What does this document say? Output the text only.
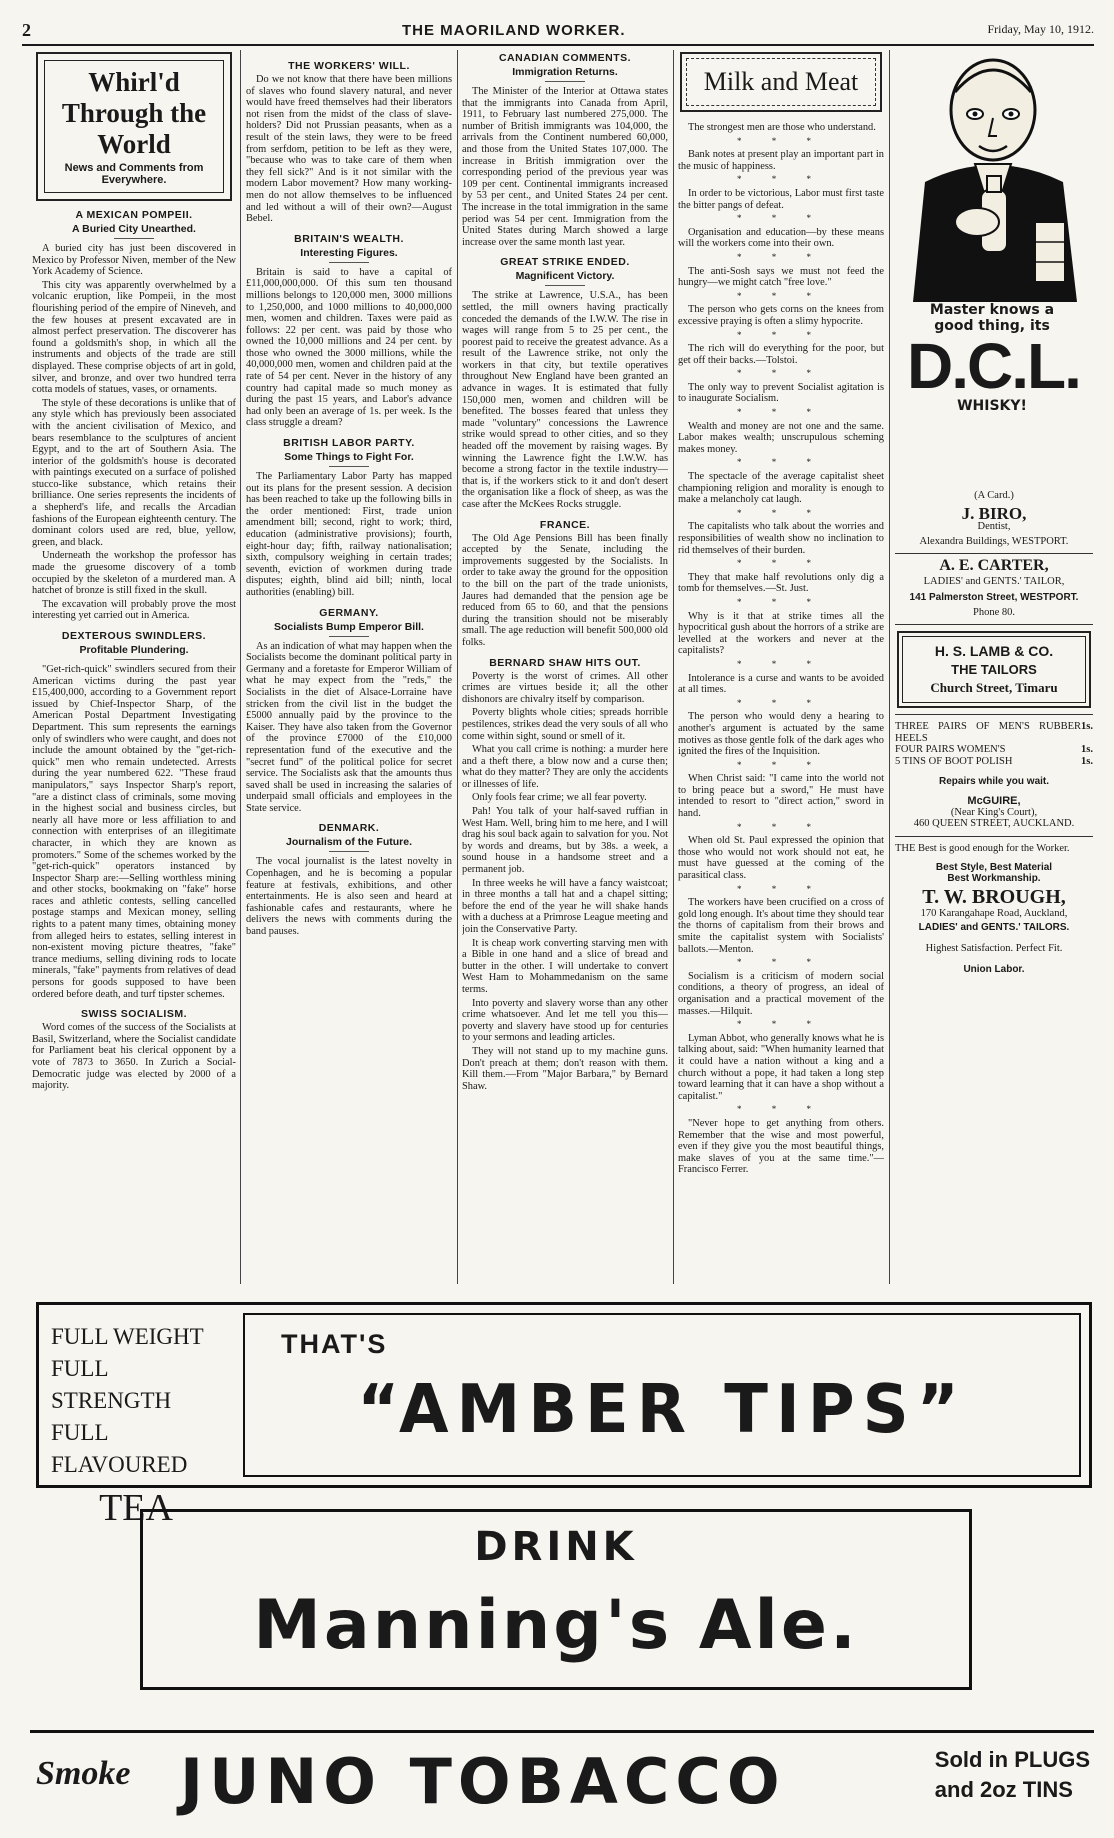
2	THE MAORILAND WORKER.	Friday, May 10, 1912.
Whirl'd Through the World
News and Comments from Everywhere.
A MEXICAN POMPEII.
A Buried City Unearthed.

A buried city has just been discovered in Mexico by Professor Niven, member of the New York Academy of Science.

This city was apparently overwhelmed by a volcanic eruption, like Pompeii, in the most flourishing period of the empire of Nineveh, and the few houses at present excavated are in almost perfect preservation. The discoverer has found a goldsmith's shop, in which all the instruments and objects of the trade are still displayed. These comprise objects of art in gold, silver, and bronze, and over two hundred terra cotta models of statues, vases, or ornaments.

The style of these decorations is unlike that of any style which has previously been associated with the ancient civilisation of Mexico, and bears resemblance to the sculptures of ancient Egypt, and to the art of Southern Asia. The interior of the goldsmith's house is decorated with paintings executed on a surface of polished stucco-like substance, which retains their brilliance. One series represents the incidents of a shepherd's life, and recalls the Arcadian fashions of the European eighteenth century. The dominant colors used are red, blue, yellow, green, and black.

Underneath the workshop the professor has made the gruesome discovery of a tomb occupied by the skeleton of a murdered man. A hatchet of bronze is still fixed in the skull.

The excavation will probably prove the most interesting yet carried out in America.

DEXTEROUS SWINDLERS.
Profitable Plundering.

"Get-rich-quick" swindlers secured from their American victims during the past year £15,400,000, according to a Government report issued by Chief-Inspector Sharp, of the American Postal Department Investigating Department. This sum represents the earnings only of swindlers who were caught, and does not include the amount obtained by the "get-rich-quick" men who remain undetected. Arrests during the year numbered 622. "These fraud manipulators," says Inspector Sharp's report, "are a distinct class of criminals, some moving in the highest social and business circles, but nearly all have more or less affiliation to and connection with enterprises of an illegitimate character, in which they are known as promoters." Some of the schemes worked by the "get-rich-quick" operators instanced by Inspector Sharp are:—Selling worthless mining and other stocks, bookmaking on "fake" horse races and athletic contests, selling cancelled postage stamps and Mexican money, selling rights to a patent many times, obtaining money from alleged heirs to estates, selling interest in non-existent moving picture theatres, "fake" trance mediums, selling divining rods to locate minerals, "fake" payments from relatives of dead persons for goods supposed to have been ordered before death, and turf tipster schemes.

SWISS SOCIALISM.

Word comes of the success of the Socialists at Basil, Switzerland, where the Socialist candidate for Parliament beat his clerical opponent by a vote of 7873 to 3650. In Zurich a Social-Democratic judge was elected by 2000 of a majority.

THE WORKERS' WILL.

Do we not know that there have been millions of slaves who found slavery natural, and never would have freed themselves had their liberators not risen from the midst of the class of slave-holders? Did not Prussian peasants, when as a result of the stein laws, they were to be freed from serfdom, petition to be left as they were, "because who was to take care of them when they fell sick?" And is it not similar with the modern Labor movement? How many working-men do not allow themselves to be influenced and led without a will of their own?—August Bebel.

BRITAIN'S WEALTH.
Interesting Figures.

Britain is said to have a capital of £11,000,000,000. Of this sum ten thousand millions belongs to 120,000 men, 3000 millions to 1,250,000, and 1000 millions to 40,000,000 men, women and children. Taxes were paid as follows: 22 per cent. was paid by those who owned the 10,000 millions and 24 per cent. by those who owned the 3000 millions, while the 40,000,000 men, women and children paid at the rate of 54 per cent. Never in the history of any country had capital made so much money as during the past 15 years, and Labor's advance had only been an average of 1s. per week. Is the class struggle a dream?

BRITISH LABOR PARTY.
Some Things to Fight For.

The Parliamentary Labor Party has mapped out its plans for the present session. A decision has been reached to take up the following bills in the order mentioned: First, trade union amendment bill; second, right to work; third, education (administrative provisions); fourth, eight-hour day; fifth, railway nationalisation; sixth, compulsory weighing in certain trades; seventh, eviction of workmen during trade disputes; eighth, blind aid bill; ninth, local authorities (enabling) bill.

GERMANY.
Socialists Bump Emperor Bill.

As an indication of what may happen when the Socialists become the dominant political party in Germany and a foretaste for Emperor William of what he may expect from the "reds," the Socialists in the diet of Alsace-Lorraine have stricken from the civil list in the budget the £5000 annually paid by the province to the Kaiser. They have also taken from the Governor of the province £7000 of the £10,000 representation fund of the executive and the "secret fund" of the political police for secret service. The Socialists ask that the amounts thus saved shall be used in increasing the salaries of underpaid small officials and employees in the State service.

DENMARK.
Journalism of the Future.

The vocal journalist is the latest novelty in Copenhagen, and he is becoming a popular feature at festivals, exhibitions, and other entertainments. He is also seen and heard at fashionable cafes and restaurants, where he delivers the news with comments during the band pauses.

CANADIAN COMMENTS.
Immigration Returns.

The Minister of the Interior at Ottawa states that the immigrants into Canada from April, 1911, to February last numbered 275,000. The number of British immigrants was 104,000, the arrivals from the Continent numbered 60,000, and those from the United States 107,000. The increase in British immigration over the corresponding period of the previous year was 109 per cent. Continental immigrants increased by 53 per cent., and United States 24 per cent. The increase in the total immigration in the same period was 54 per cent. Immigration from the United States during March showed a large increase over the same month last year.

GREAT STRIKE ENDED.
Magnificent Victory.

The strike at Lawrence, U.S.A., has been settled, the mill owners having practically conceded the demands of the I.W.W. The rise in wages will range from 5 to 25 per cent., the poorest paid to receive the greatest advance. As a result of the Lawrence strike, not only the workers in that city, but textile operatives throughout New England have been granted an advance in wages. It is estimated that fully 150,000 men, women and children will be benefited. The bosses feared that unless they made "voluntary" concessions the Lawrence strike would spread to other cities, and so they headed off the movement by raising wages. By winning the Lawrence fight the I.W.W. has become a strong factor in the textile industry—that is, if the workers stick to it and don't desert the organisation like a flock of sheep, as was the case after the McKees Rocks struggle.

FRANCE.

The Old Age Pensions Bill has been finally accepted by the Senate, including the improvements suggested by the Socialists. In order to take away the ground for the opposition to the bill on the part of the trade unionists, Jaures had demanded that the pension age be reduced from 65 to 60, and that the pensions during the transition should not be miserably small. The age reduction will benefit 500,000 old folks.

BERNARD SHAW HITS OUT.

Poverty is the worst of crimes. All other crimes are virtues beside it; all the other dishonors are chivalry itself by comparison.

Poverty blights whole cities; spreads horrible pestilences, strikes dead the very souls of all who come within sight, sound or smell of it.

What you call crime is nothing: a murder here and a theft there, a blow now and a curse then; what do they matter? They are only the accidents or illnesses of life.

Only fools fear crime; we all fear poverty.

Pah! You talk of your half-saved ruffian in West Ham. Well, bring him to me here, and I will drag his soul back again to salvation for you. Not by words and dreams, but by 38s. a week, a sound house in a handsome street and a permanent job.

In three weeks he will have a fancy waistcoat; in three months a tall hat and a chapel sitting; before the end of the year he will shake hands with a duchess at a Primrose League meeting and join the Conservative Party.

It is cheap work converting starving men with a Bible in one hand and a slice of bread and butter in the other. I will undertake to convert West Ham to Mohammedanism on the same terms.

Into poverty and slavery worse than any other crime whatsoever. And let me tell you this—poverty and slavery have stood up for centuries to your sermons and leading articles.

They will not stand up to my machine guns. Don't preach at them; don't reason with them. Kill them.—From "Major Barbara," by Bernard Shaw.

Milk and Meat

The strongest men are those who understand.

* * *

Bank notes at present play an important part in the music of happiness.

* * *

In order to be victorious, Labor must first taste the bitter pangs of defeat.

* * *

Organisation and education—by these means will the workers come into their own.

* * *

The anti-Sosh says we must not feed the hungry—we might catch "free love."

* * *

The person who gets corns on the knees from excessive praying is often a slimy hypocrite.

* * *

The rich will do everything for the poor, but get off their backs.—Tolstoi.

* * *

The only way to prevent Socialist agitation is to inaugurate Socialism.

* * *

Wealth and money are not one and the same. Labor makes wealth; unscrupulous scheming makes money.

* * *

The spectacle of the average capitalist sheet championing religion and morality is enough to make a melancholy cat laugh.

* * *

The capitalists who talk about the worries and responsibilities of wealth show no inclination to rid themselves of their burden.

* * *

They that make half revolutions only dig a tomb for themselves.—St. Just.

* * *

Why is it that at strike times all the hypocritical gush about the horrors of a strike are levelled at the workers and never at the capitalists?

* * *

Intolerance is a curse and wants to be avoided at all times.

* * *

The person who would deny a hearing to another's argument is actuated by the same motives as those gentle folk of the dark ages who ignited the fires of the Inquisition.

* * *

When Christ said: "I came into the world not to bring peace but a sword," He must have intended to resort to "direct action," sword in hand.

* * *

When old St. Paul expressed the opinion that those who would not work should not eat, he must have guessed at the coming of the parasitical class.

* * *

The workers have been crucified on a cross of gold long enough. It's about time they should tear the thorns of capitalism from their brows and smite the capitalist system with Socialists' ballots.—Menton.

* * *

Socialism is a criticism of modern social conditions, a theory of progress, an ideal of organisation and a practical movement of the masses.—Hilquit.

* * *

Lyman Abbot, who generally knows what he is talking about, said: "When humanity learned that it could have a nation without a king and a church without a pope, it had taken a long step toward learning that it can have a shop without a capitalist."

* * *

"Never hope to get anything from others. Remember that the wise and most powerful, even if they give you the most beautiful things, make slaves of you at the same time."—Francisco Ferrer.

Master knows a
good thing, its
D.C.L.
WHISKY!
(A Card.)
J. BIRO,
Dentist,
Alexandra Buildings, WESTPORT.
A. E. CARTER,
LADIES' and GENTS.' TAILOR,
141 Palmerston Street, WESTPORT.
Phone 80.
H. S. LAMB & CO.
THE TAILORS
Church Street, Timaru
THREE PAIRS OF MEN'S RUBBER HEELS
1s.
FOUR PAIRS WOMEN'S	1s.
5 TINS OF BOOT POLISH	1s.
Repairs while you wait.
McGUIRE,
(Near King's Court),
460 QUEEN STREET, AUCKLAND.
THE Best is good enough for the Worker.
Best Style, Best Material
Best Workmanship.
T. W. BROUGH,
170 Karangahape Road, Auckland,
LADIES' and GENTS.' TAILORS.
Highest Satisfaction. Perfect Fit.
Union Labor.
FULL WEIGHT
FULL STRENGTH
FULL FLAVOURED
TEA
THAT'S
“AMBER TIPS”
DRINK
Manning's Ale.
Smoke JUNO TOBACCO	Sold in PLUGS
and 2oz TINS
